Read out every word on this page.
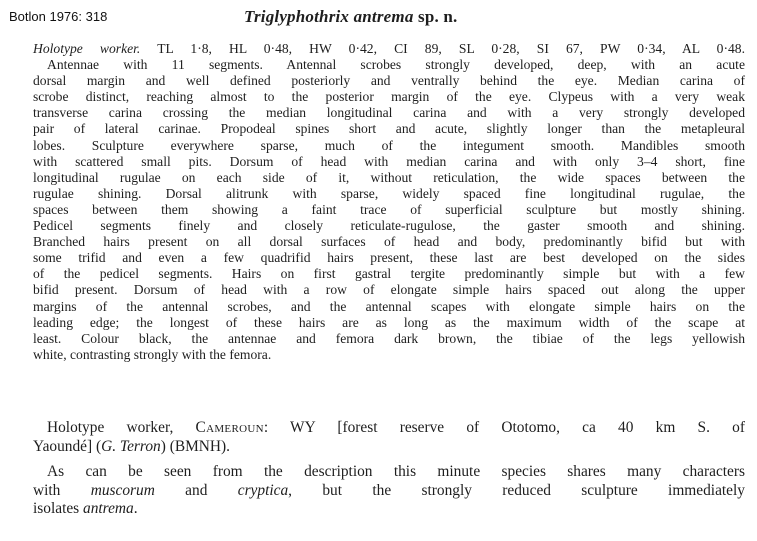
Botlon 1976: 318	Triglyphothrix antrema sp. n.
Holotype worker. TL 1·8, HL 0·48, HW 0·42, CI 89, SL 0·28, SI 67, PW 0·34, AL 0·48.
Antennae with 11 segments. Antennal scrobes strongly developed, deep, with an acute
dorsal margin and well defined posteriorly and ventrally behind the eye. Median carina of
scrobe distinct, reaching almost to the posterior margin of the eye. Clypeus with a very weak
transverse carina crossing the median longitudinal carina and with a very strongly developed
pair of lateral carinae. Propodeal spines short and acute, slightly longer than the metapleural
lobes. Sculpture everywhere sparse, much of the integument smooth. Mandibles smooth
with scattered small pits. Dorsum of head with median carina and with only 3–4 short, fine
longitudinal rugulae on each side of it, without reticulation, the wide spaces between the
rugulae shining. Dorsal alitrunk with sparse, widely spaced fine longitudinal rugulae, the
spaces between them showing a faint trace of superficial sculpture but mostly shining.
Pedicel segments finely and closely reticulate-rugulose, the gaster smooth and shining.
Branched hairs present on all dorsal surfaces of head and body, predominantly bifid but with
some trifid and even a few quadrifid hairs present, these last are best developed on the sides
of the pedicel segments. Hairs on first gastral tergite predominantly simple but with a few
bifid present. Dorsum of head with a row of elongate simple hairs spaced out along the upper
margins of the antennal scrobes, and the antennal scapes with elongate simple hairs on the
leading edge; the longest of these hairs are as long as the maximum width of the scape at
least. Colour black, the antennae and femora dark brown, the tibiae of the legs yellowish
white, contrasting strongly with the femora.
Holotype worker, Cameroun: WY [forest reserve of Ototomo, ca 40 km S. of
Yaoundé] (G. Terron) (BMNH).
As can be seen from the description this minute species shares many characters
with muscorum and cryptica, but the strongly reduced sculpture immediately
isolates antrema.
